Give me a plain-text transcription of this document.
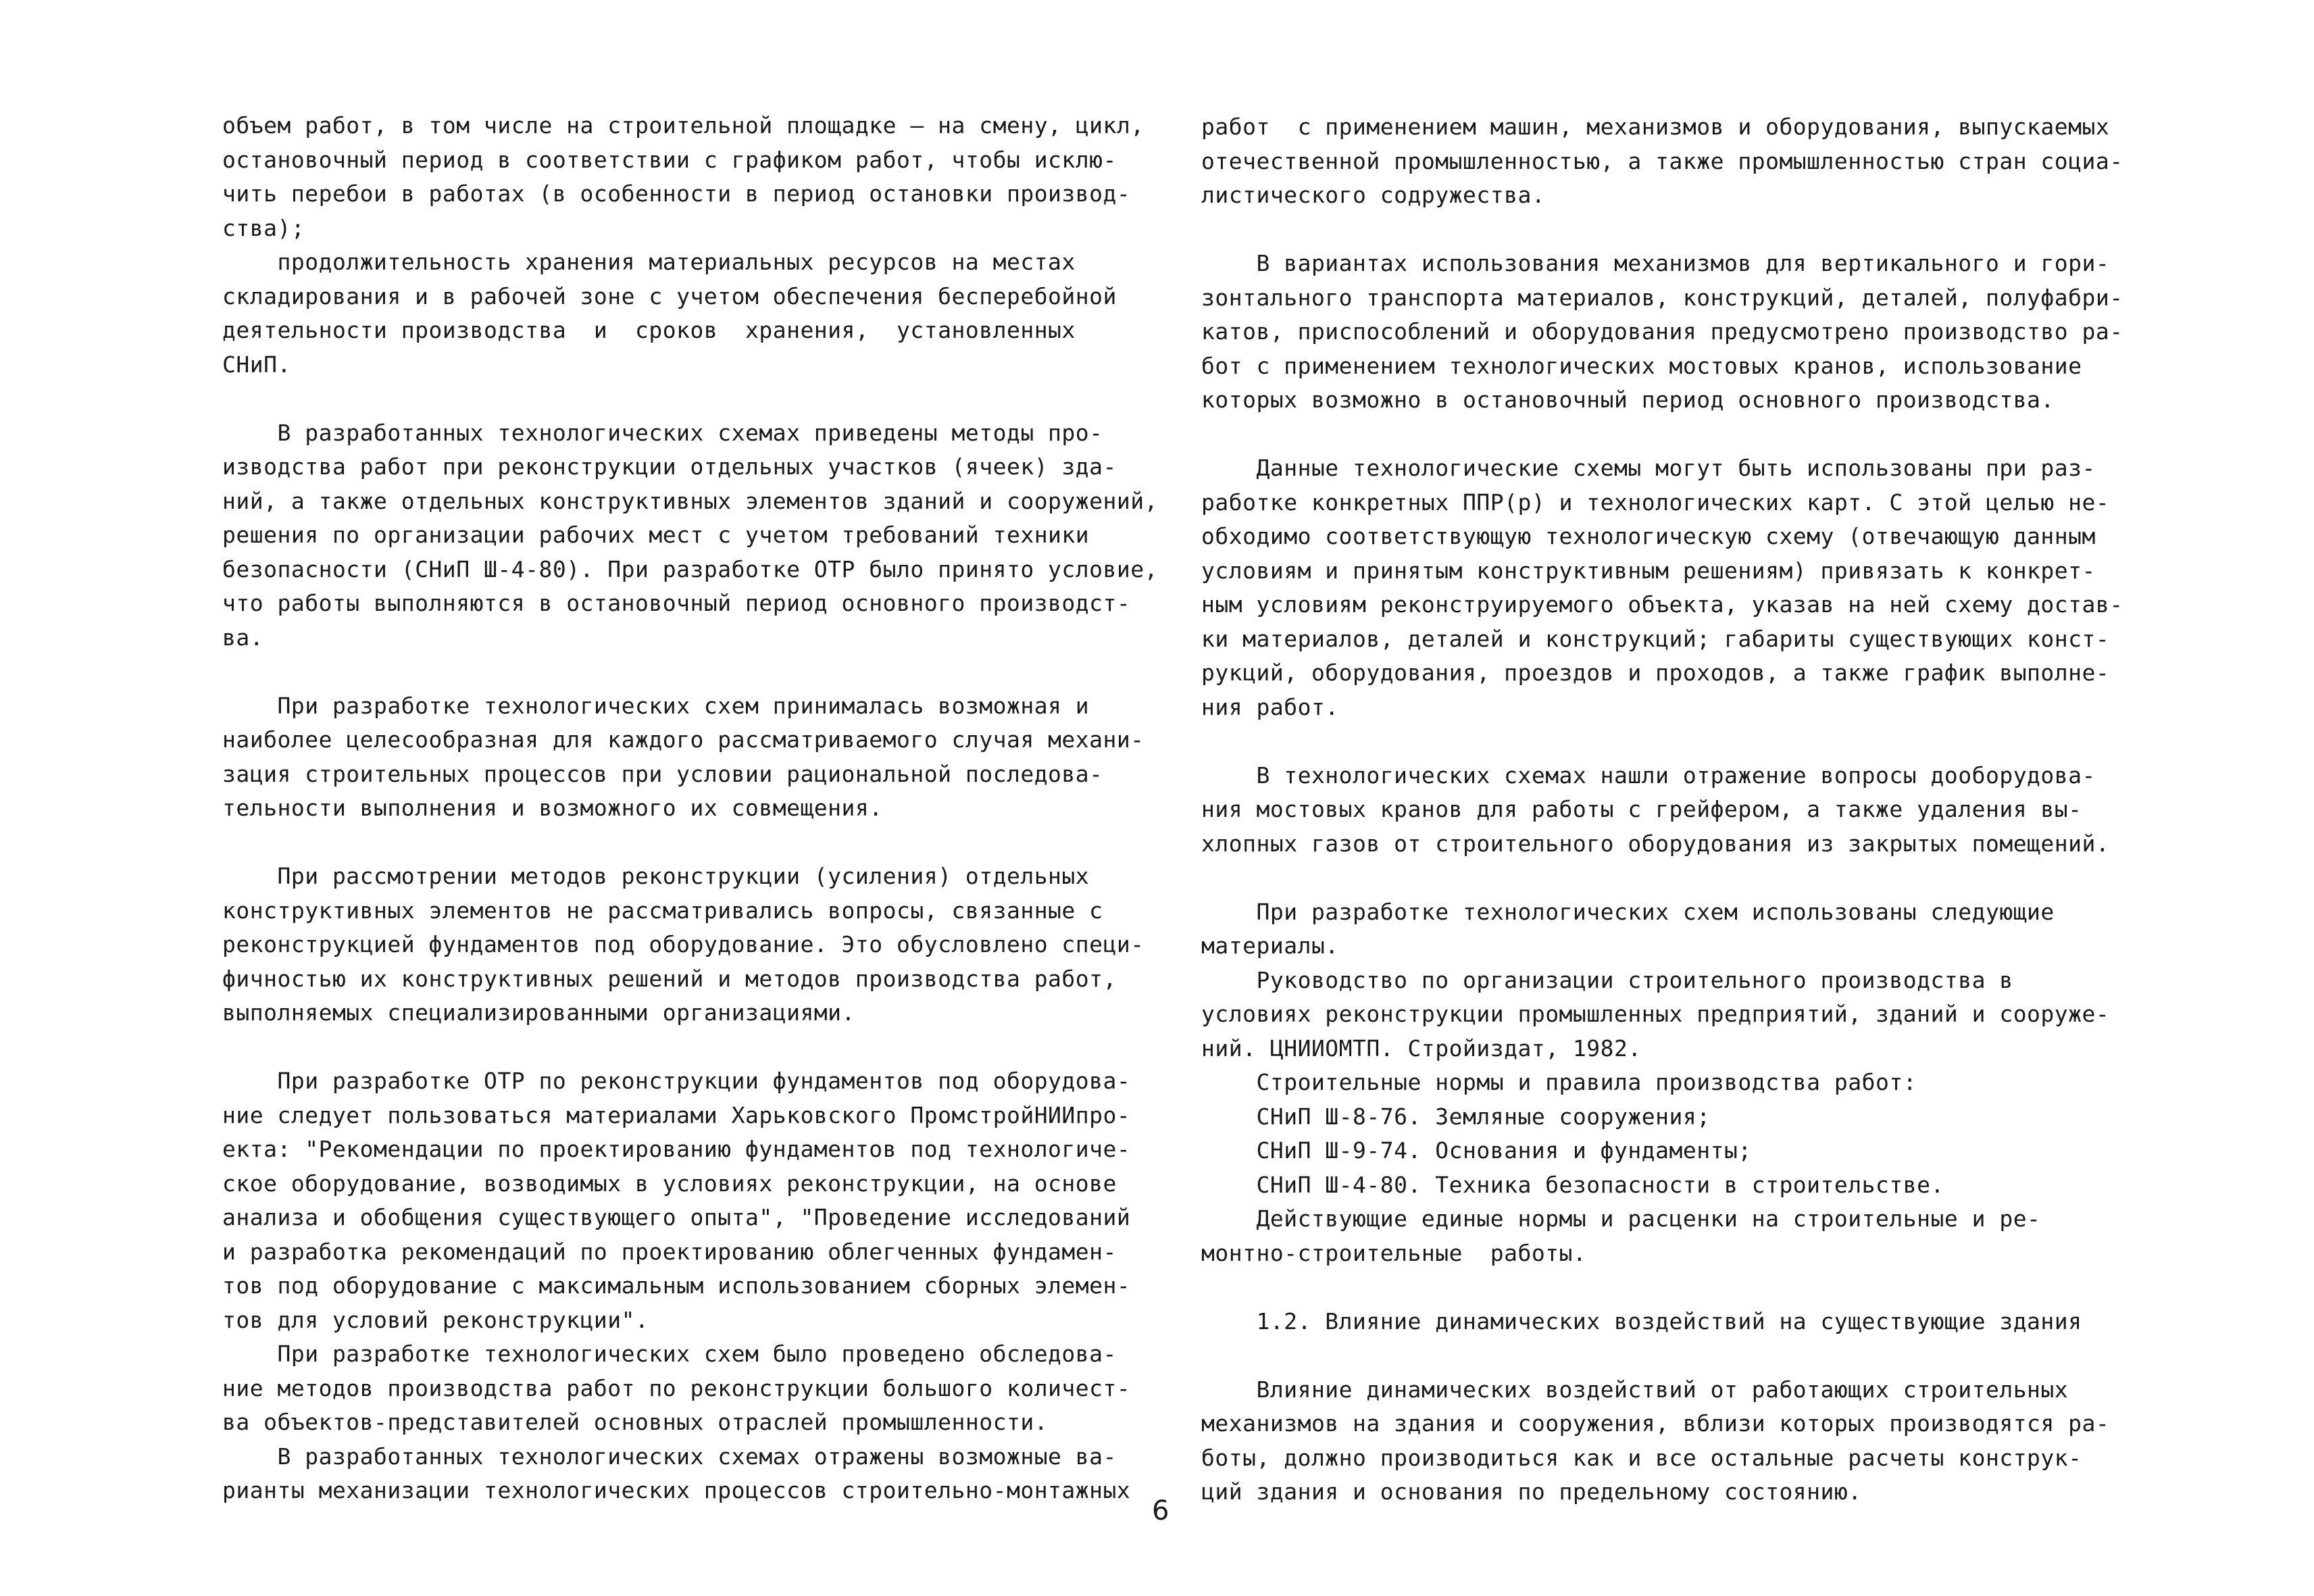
объем работ, в том числе на строительной площадке – на смену, цикл,
остановочный период в соответствии с графиком работ, чтобы исклю-
чить перебои в работах (в особенности в период остановки производ-
ства);
продолжительность хранения материальных ресурсов на местах
складирования и в рабочей зоне с учетом обеспечения бесперебойной
деятельности производства  и  сроков  хранения,  установленных
СНиП.
В разработанных технологических схемах приведены методы про-
изводства работ при реконструкции отдельных участков (ячеек) зда-
ний, а также отдельных конструктивных элементов зданий и сооружений,
решения по организации рабочих мест с учетом требований техники
безопасности (СНиП Ш-4-80). При разработке ОТР было принято условие,
что работы выполняются в остановочный период основного производст-
ва.
При разработке технологических схем принималась возможная и
наиболее целесообразная для каждого рассматриваемого случая механи-
зация строительных процессов при условии рациональной последова-
тельности выполнения и возможного их совмещения.
При рассмотрении методов реконструкции (усиления) отдельных
конструктивных элементов не рассматривались вопросы, связанные с
реконструкцией фундаментов под оборудование. Это обусловлено специ-
фичностью их конструктивных решений и методов производства работ,
выполняемых специализированными организациями.
При разработке ОТР по реконструкции фундаментов под оборудова-
ние следует пользоваться материалами Харьковского ПромстройНИИпро-
екта: "Рекомендации по проектированию фундаментов под технологиче-
ское оборудование, возводимых в условиях реконструкции, на основе
анализа и обобщения существующего опыта", "Проведение исследований
и разработка рекомендаций по проектированию облегченных фундамен-
тов под оборудование с максимальным использованием сборных элемен-
тов для условий реконструкции".
При разработке технологических схем было проведено обследова-
ние методов производства работ по реконструкции большого количест-
ва объектов-представителей основных отраслей промышленности.
В разработанных технологических схемах отражены возможные ва-
рианты механизации технологических процессов строительно-монтажных
работ  с применением машин, механизмов и оборудования, выпускаемых
отечественной промышленностью, а также промышленностью стран социа-
листического содружества.
В вариантах использования механизмов для вертикального и гори-
зонтального транспорта материалов, конструкций, деталей, полуфабри-
катов, приспособлений и оборудования предусмотрено производство ра-
бот с применением технологических мостовых кранов, использование
которых возможно в остановочный период основного производства.
Данные технологические схемы могут быть использованы при раз-
работке конкретных ППР(р) и технологических карт. С этой целью не-
обходимо соответствующую технологическую схему (отвечающую данным
условиям и принятым конструктивным решениям) привязать к конкрет-
ным условиям реконструируемого объекта, указав на ней схему достав-
ки материалов, деталей и конструкций; габариты существующих конст-
рукций, оборудования, проездов и проходов, а также график выполне-
ния работ.
В технологических схемах нашли отражение вопросы дооборудова-
ния мостовых кранов для работы с грейфером, а также удаления вы-
хлопных газов от строительного оборудования из закрытых помещений.
При разработке технологических схем использованы следующие
материалы.
Руководство по организации строительного производства в
условиях реконструкции промышленных предприятий, зданий и сооруже-
ний. ЦНИИОМТП. Стройиздат, 1982.
Строительные нормы и правила производства работ:
СНиП Ш-8-76. Земляные сооружения;
СНиП Ш-9-74. Основания и фундаменты;
СНиП Ш-4-80. Техника безопасности в строительстве.
Действующие единые нормы и расценки на строительные и ре-
монтно-строительные  работы.
1.2. Влияние динамических воздействий на существующие здания
Влияние динамических воздействий от работающих строительных
механизмов на здания и сооружения, вблизи которых производятся ра-
боты, должно производиться как и все остальные расчеты конструк-
ций здания и основания по предельному состоянию.
6
